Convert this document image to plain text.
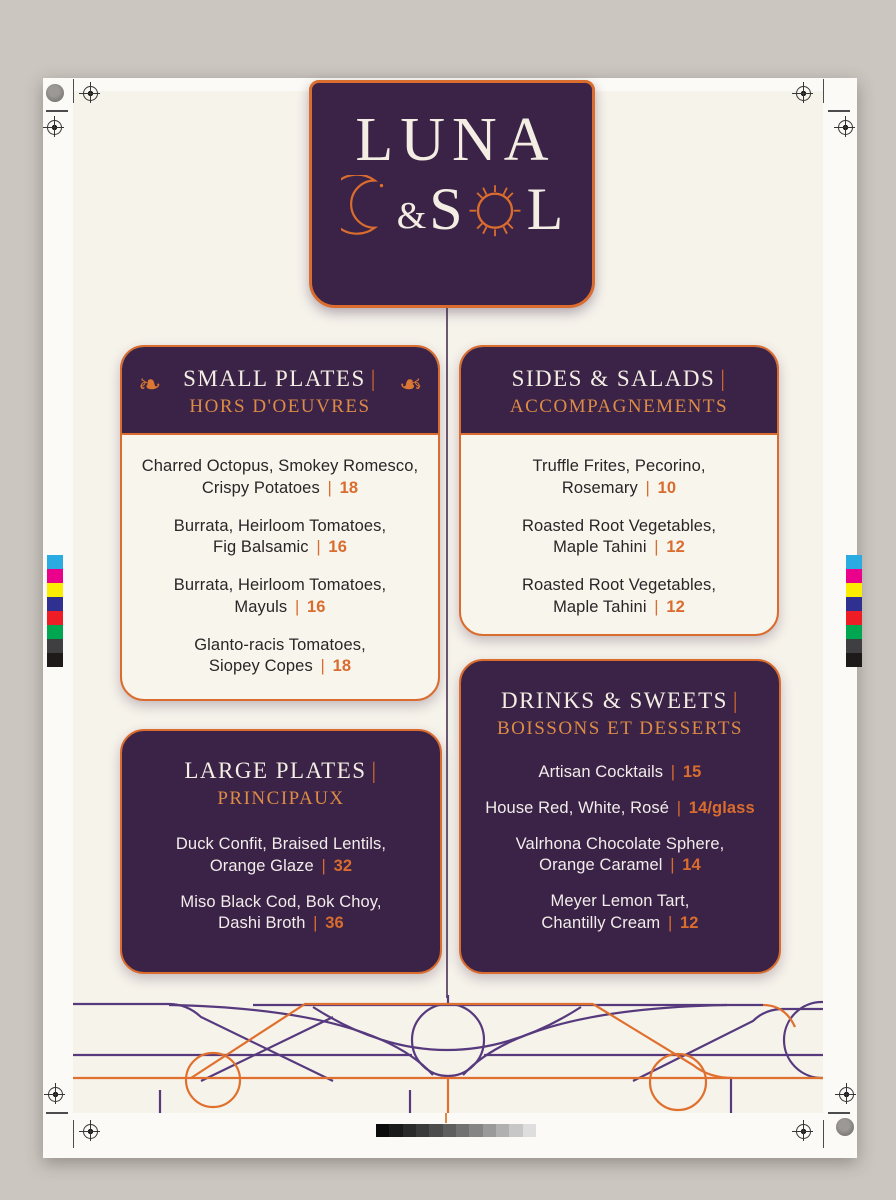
LUNA
& S L
❧	❧
SMALL PLATES |
HORS D'OEUVRES
Charred Octopus, Smokey Romesco,
Crispy Potatoes | 18
Burrata, Heirloom Tomatoes,
Fig Balsamic | 16
Burrata, Heirloom Tomatoes,
Mayuls | 16
Glanto-racis Tomatoes,
Siopey Copes | 18
SIDES & SALADS |
ACCOMPAGNEMENTS
Truffle Frites, Pecorino,
Rosemary | 10
Roasted Root Vegetables,
Maple Tahini | 12
Roasted Root Vegetables,
Maple Tahini | 12
LARGE PLATES |
PRINCIPAUX
Duck Confit, Braised Lentils,
Orange Glaze | 32
Miso Black Cod, Bok Choy,
Dashi Broth | 36
DRINKS & SWEETS |
BOISSONS ET DESSERTS
Artisan Cocktails | 15
House Red, White, Rosé | 14/glass
Valrhona Chocolate Sphere,
Orange Caramel | 14
Meyer Lemon Tart,
Chantilly Cream | 12
